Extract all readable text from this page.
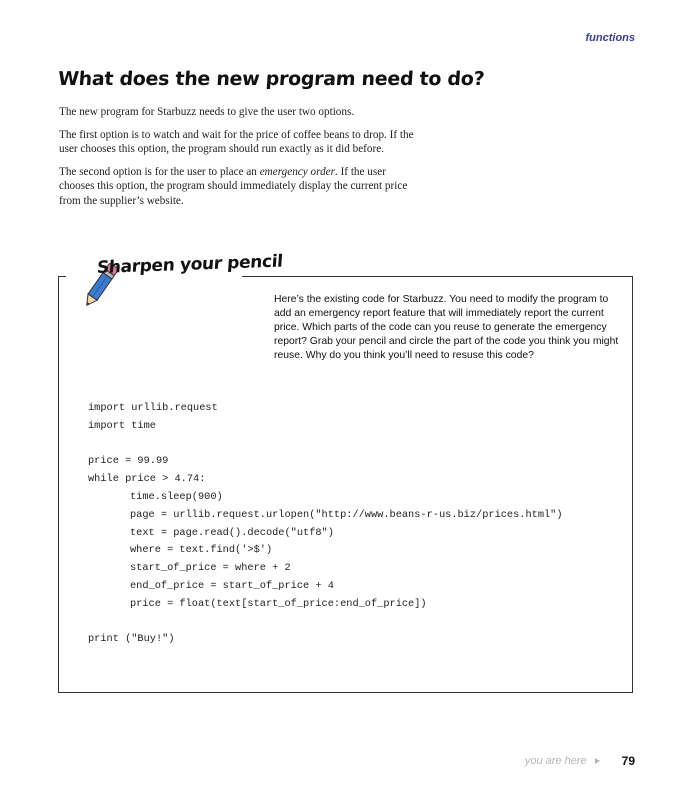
functions
What does the new program need to do?

The new program for Starbuzz needs to give the user two options.

The first option is to watch and wait for the price of coffee beans to drop. If the user chooses this option, the program should run exactly as it did before.

The second option is for the user to place an emergency order. If the user chooses this option, the program should immediately display the current price from the supplier’s website.

Sharpen your pencil
Here’s the existing code for Starbuzz. You need to modify the program to add an emergency report feature that will immediately report the current price. Which parts of the code can you reuse to generate the emergency report? Grab your pencil and circle the part of the code you think you might reuse. Why do you think you’ll need to resuse this code?
import urllib.request
import time
price = 99.99
while price > 4.74:
time.sleep(900)
page = urllib.request.urlopen("http://www.beans-r-us.biz/prices.html")
text = page.read().decode("utf8")
where = text.find('>$')
start_of_price = where + 2
end_of_price = start_of_price + 4
price = float(text[start_of_price:end_of_price])
print ("Buy!")
you are here	79
